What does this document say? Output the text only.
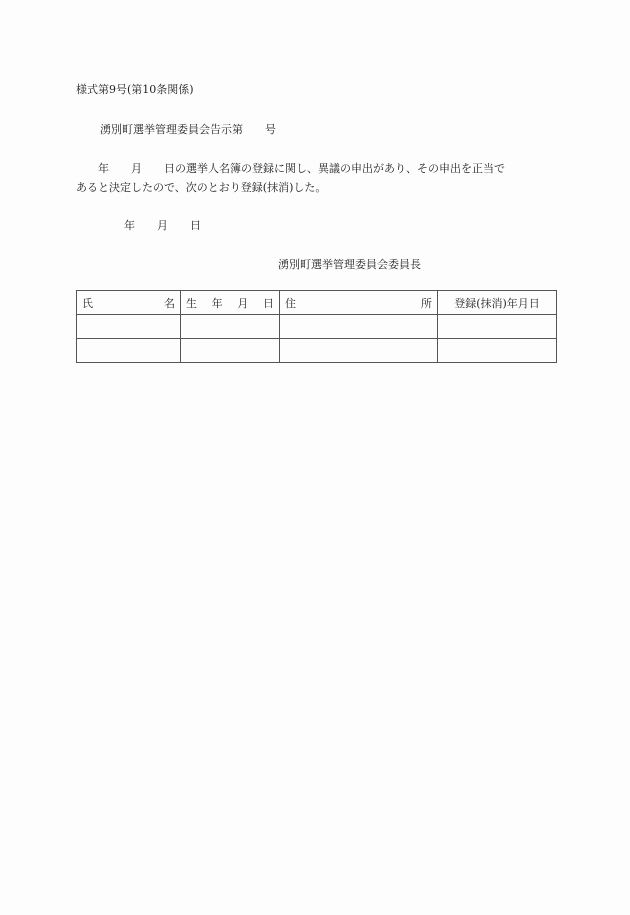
様式第9号(第10条関係)
湧別町選挙管理委員会告示第　　号
　　年　　月　　日の選挙人名簿の登録に関し、異議の申出があり、その申出を正当で
あると決定したので、次のとおり登録(抹消)した。
年　　月　　日
湧別町選挙管理委員会委員長
氏 名	生 年 月 日	住 所	登録(抹消)年月日
